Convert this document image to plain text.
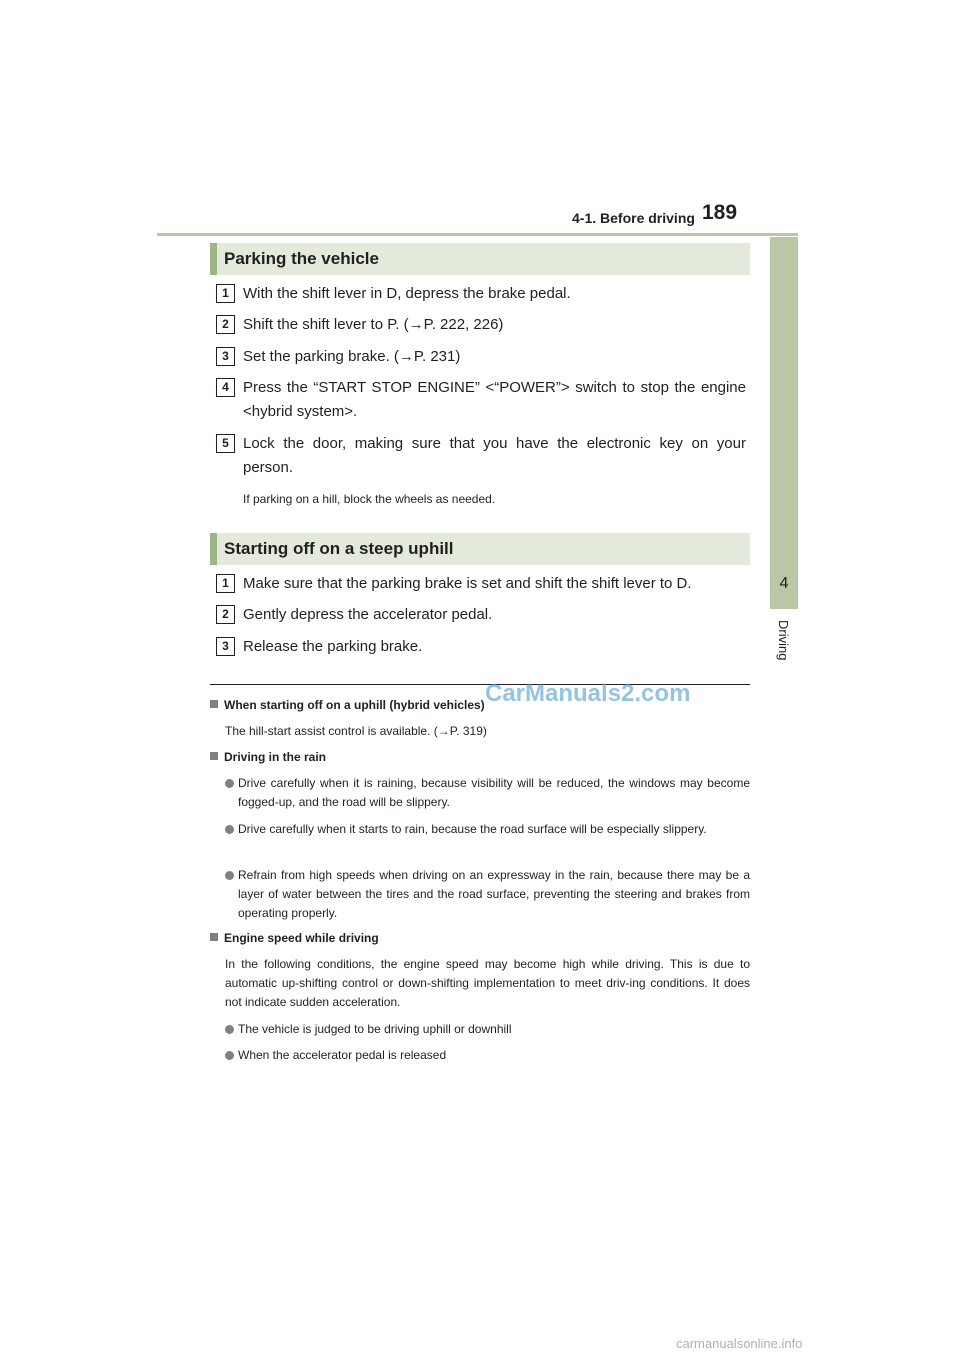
4-1. Before driving 189
4
Driving
Parking the vehicle
1 With the shift lever in D, depress the brake pedal.
2 Shift the shift lever to P. (→P. 222, 226)
3 Set the parking brake. (→P. 231)
4 Press the “START STOP ENGINE” <“POWER”> switch to stop the engine <hybrid system>.
5 Lock the door, making sure that you have the electronic key on your person.
If parking on a hill, block the wheels as needed.
Starting off on a steep uphill
1 Make sure that the parking brake is set and shift the shift lever to D.
2 Gently depress the accelerator pedal.
3 Release the parking brake.
When starting off on a uphill (hybrid vehicles)
The hill-start assist control is available. (→P. 319)
Driving in the rain
Drive carefully when it is raining, because visibility will be reduced, the windows may become fogged-up, and the road will be slippery.
Drive carefully when it starts to rain, because the road surface will be especially slippery.
Refrain from high speeds when driving on an expressway in the rain, because there may be a layer of water between the tires and the road surface, preventing the steering and brakes from operating properly.
Engine speed while driving
In the following conditions, the engine speed may become high while driving. This is due to automatic up-shifting control or down-shifting implementation to meet driv-ing conditions. It does not indicate sudden acceleration.
The vehicle is judged to be driving uphill or downhill
When the accelerator pedal is released
CarManuals2.com
carmanualsonline.info
